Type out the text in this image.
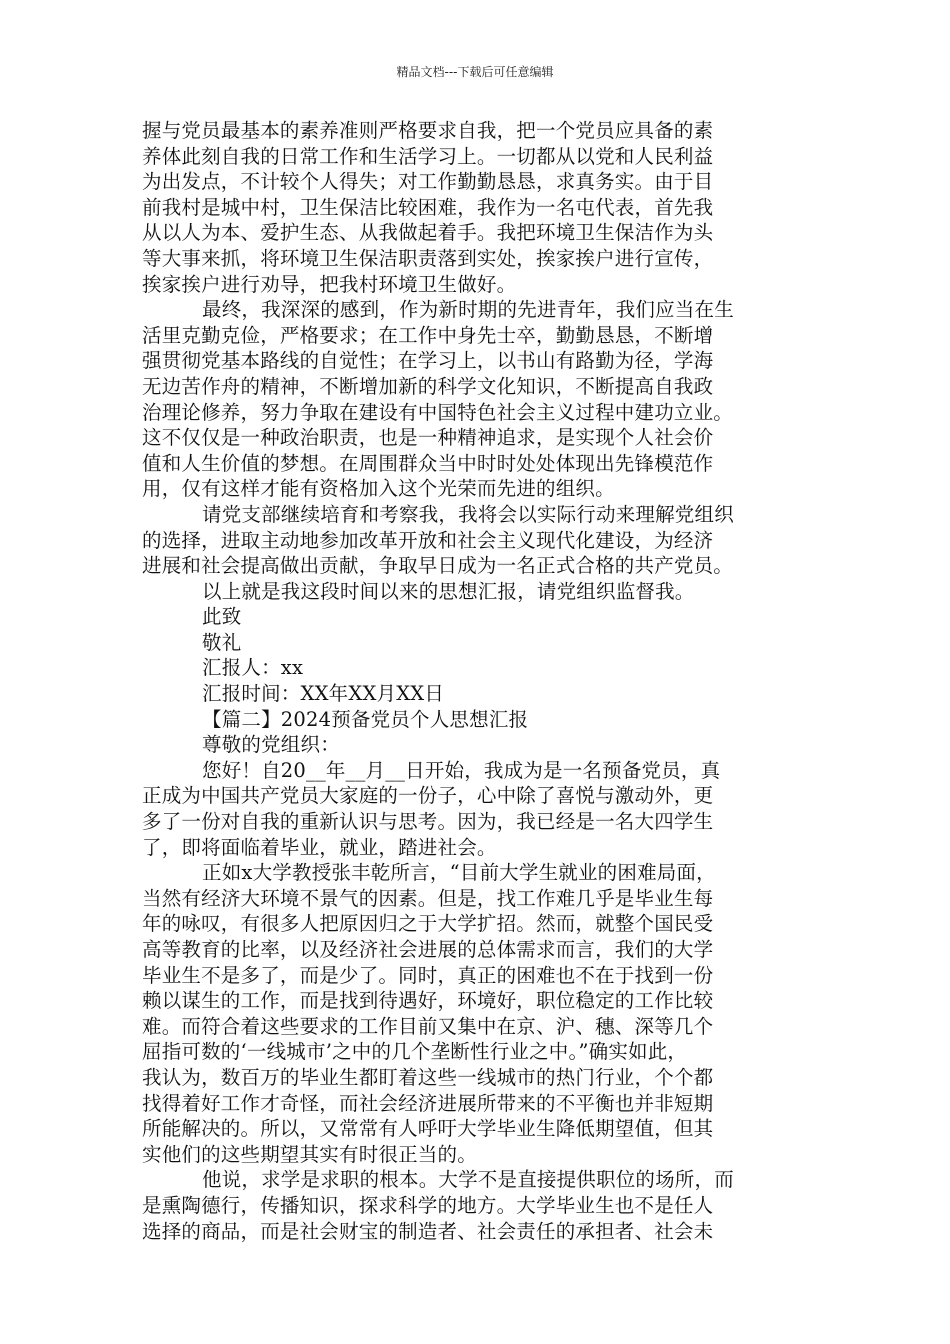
精品文档---下载后可任意编辑
握与党员最基本的素养准则严格要求自我，把一个党员应具备的素
养体此刻自我的日常工作和生活学习上。一切都从以党和人民利益
为出发点，不计较个人得失；对工作勤勤恳恳，求真务实。由于目
前我村是城中村，卫生保洁比较困难，我作为一名屯代表，首先我
从以人为本、爱护生态、从我做起着手。我把环境卫生保洁作为头
等大事来抓，将环境卫生保洁职责落到实处，挨家挨户进行宣传，
挨家挨户进行劝导，把我村环境卫生做好。
最终，我深深的感到，作为新时期的先进青年，我们应当在生
活里克勤克俭，严格要求；在工作中身先士卒，勤勤恳恳，不断增
强贯彻党基本路线的自觉性；在学习上，以书山有路勤为径，学海
无边苦作舟的精神，不断增加新的科学文化知识，不断提高自我政
治理论修养，努力争取在建设有中国特色社会主义过程中建功立业。
这不仅仅是一种政治职责，也是一种精神追求，是实现个人社会价
值和人生价值的梦想。在周围群众当中时时处处体现出先锋模范作
用，仅有这样才能有资格加入这个光荣而先进的组织。
请党支部继续培育和考察我，我将会以实际行动来理解党组织
的选择，进取主动地参加改革开放和社会主义现代化建设，为经济
进展和社会提高做出贡献，争取早日成为一名正式合格的共产党员。
以上就是我这段时间以来的思想汇报，请党组织监督我。
此致
敬礼
汇报人：xx
汇报时间：XX年XX月XX日
【篇二】2024预备党员个人思想汇报
尊敬的党组织：
您好！自20__年__月__日开始，我成为是一名预备党员，真
正成为中国共产党员大家庭的一份子，心中除了喜悦与激动外，更
多了一份对自我的重新认识与思考。因为，我已经是一名大四学生
了，即将面临着毕业，就业，踏进社会。
正如x大学教授张丰乾所言，“目前大学生就业的困难局面，
当然有经济大环境不景气的因素。但是，找工作难几乎是毕业生每
年的咏叹，有很多人把原因归之于大学扩招。然而，就整个国民受
高等教育的比率，以及经济社会进展的总体需求而言，我们的大学
毕业生不是多了，而是少了。同时，真正的困难也不在于找到一份
赖以谋生的工作，而是找到待遇好，环境好，职位稳定的工作比较
难。而符合着这些要求的工作目前又集中在京、沪、穗、深等几个
屈指可数的‘一线城市’之中的几个垄断性行业之中。”确实如此，
我认为，数百万的毕业生都盯着这些一线城市的热门行业，个个都
找得着好工作才奇怪，而社会经济进展所带来的不平衡也并非短期
所能解决的。所以，又常常有人呼吁大学毕业生降低期望值，但其
实他们的这些期望其实有时很正当的。
他说，求学是求职的根本。大学不是直接提供职位的场所，而
是熏陶德行，传播知识，探求科学的地方。大学毕业生也不是任人
选择的商品，而是社会财宝的制造者、社会责任的承担者、社会未
